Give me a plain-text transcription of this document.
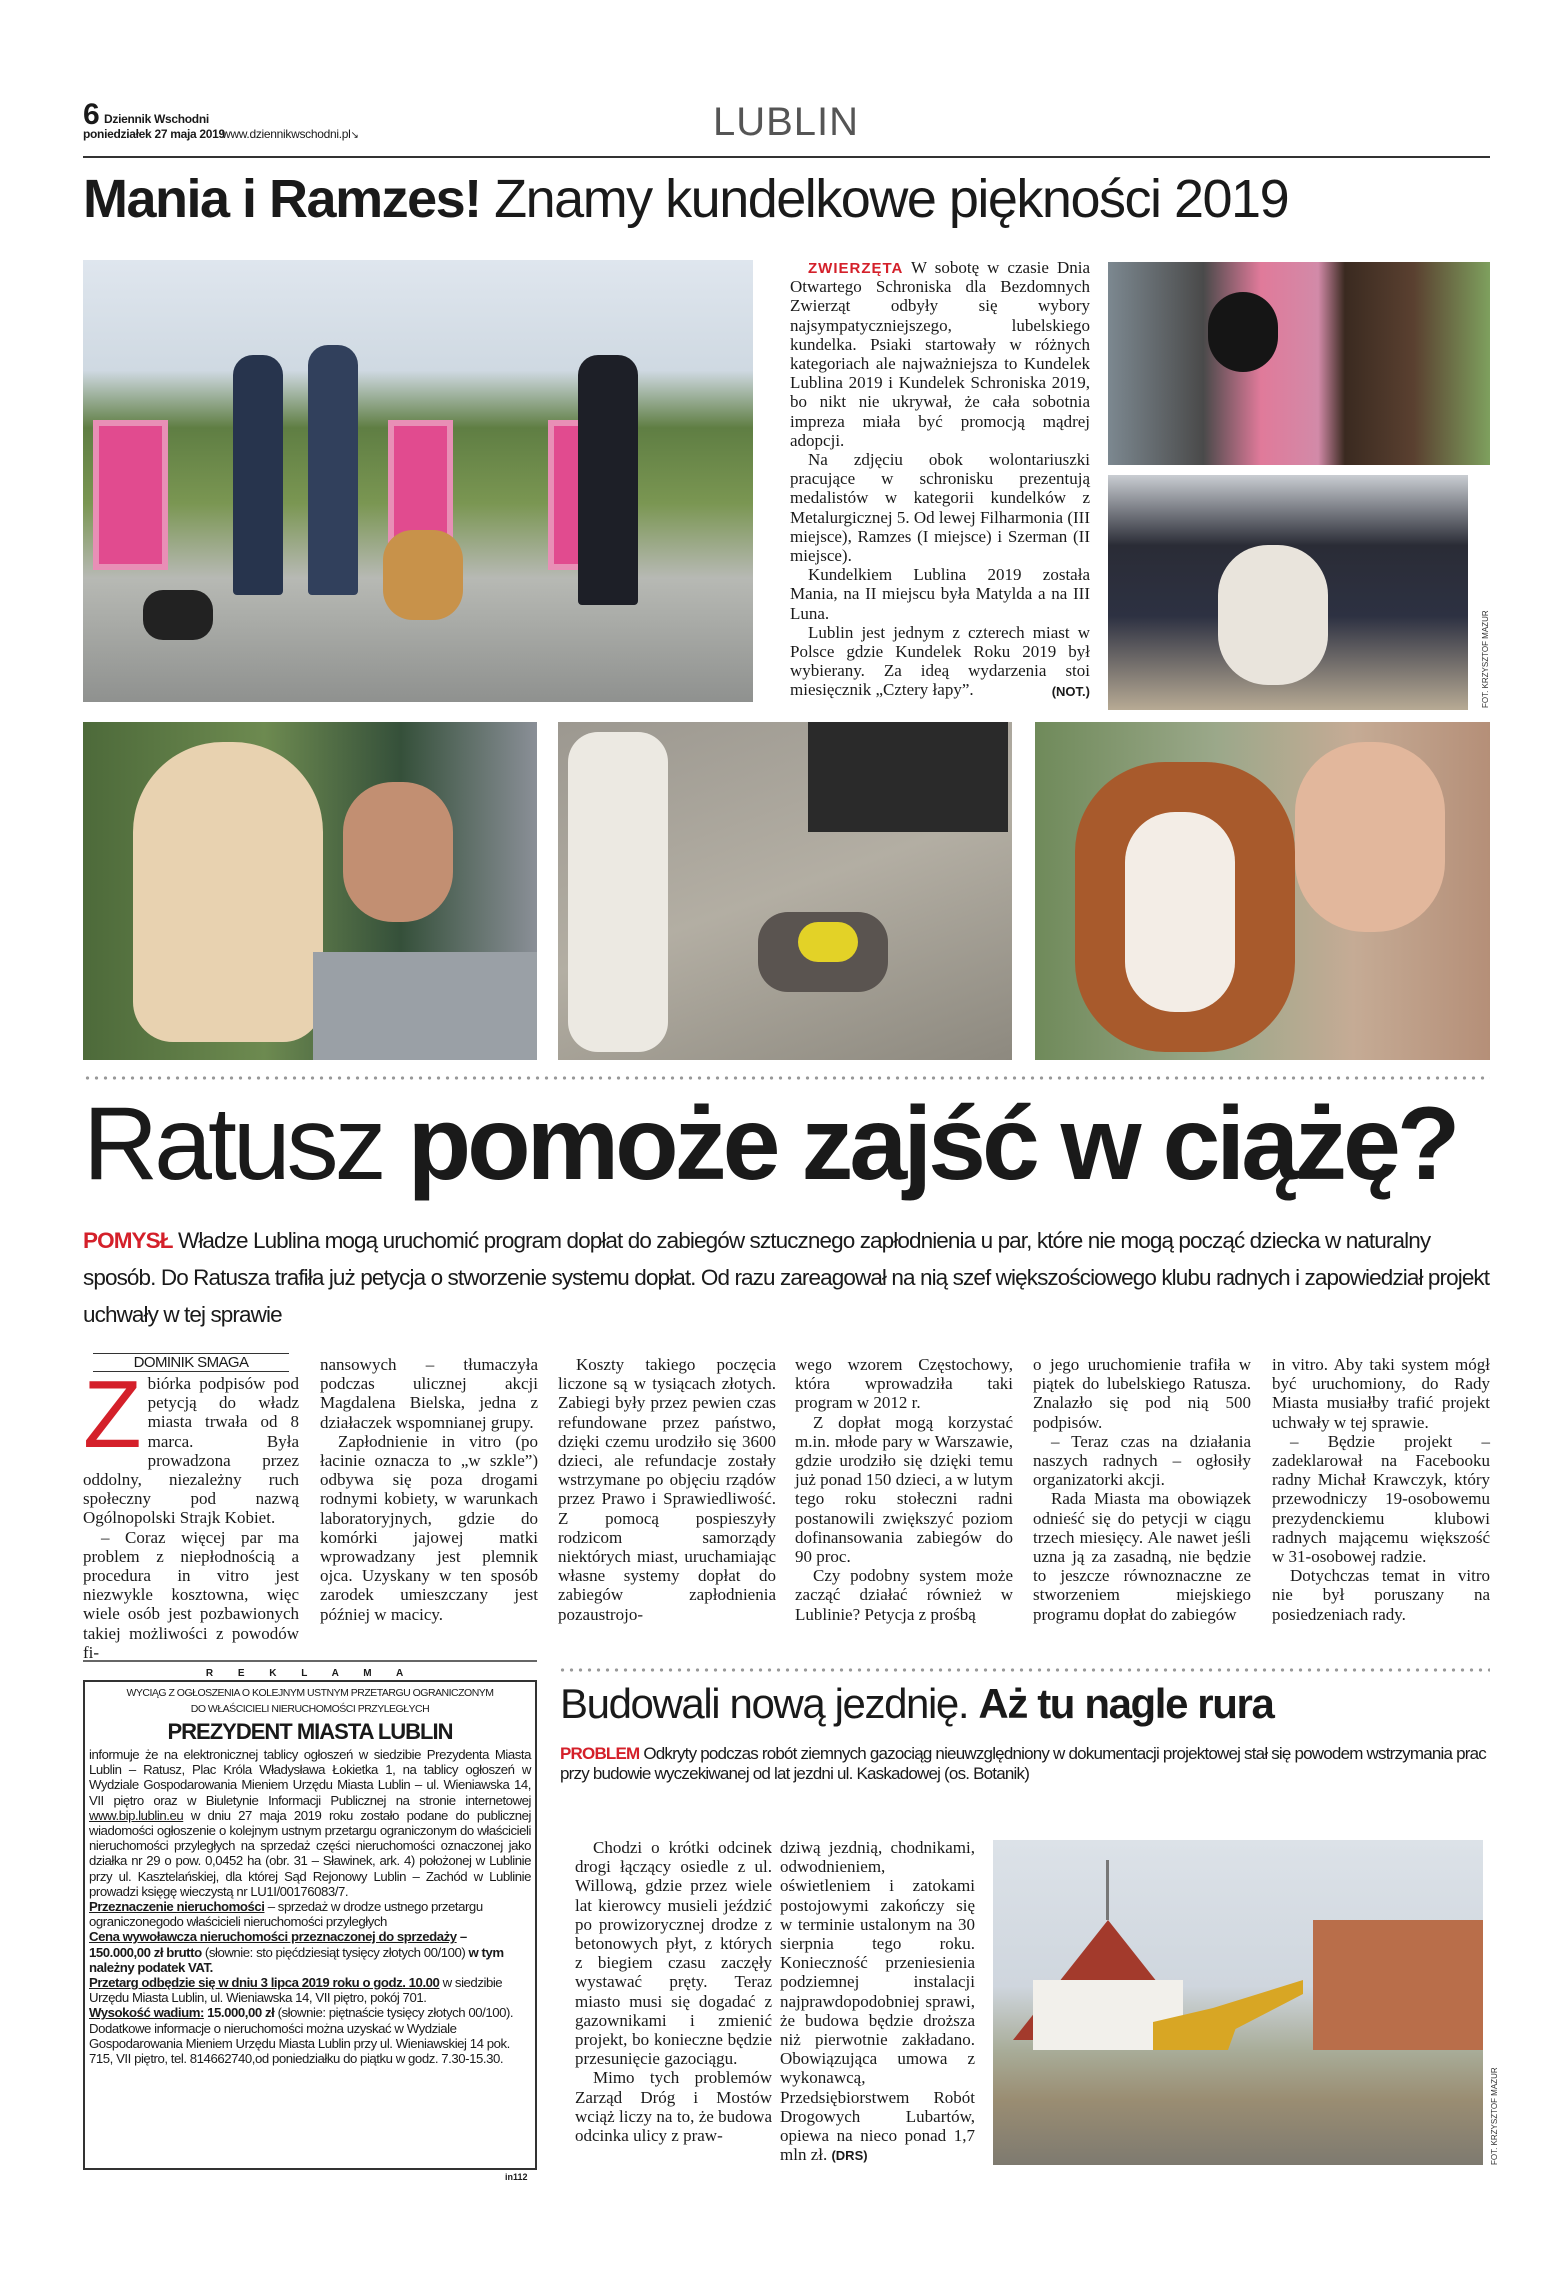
6 Dziennik Wschodni
poniedziałek 27 maja 2019
www.dziennikwschodni.pl↘	LUBLIN
Mania i Ramzes! Znamy kundelkowe piękności 2019

ZWIERZĘTA W sobotę w czasie Dnia Otwartego Schroniska dla Bezdomnych Zwierząt odbyły się wybory najsympatyczniejszego, lubelskiego kundelka. Psiaki startowały w różnych kategoriach ale najważniejsza to Kundelek Lublina 2019 i Kundelek Schroniska 2019, bo nikt nie ukrywał, że cała sobotnia impreza miała być promocją mądrej adopcji.

Na zdjęciu obok wolontariuszki pracujące w schronisku prezentują medalistów w kategorii kundelków z Metalurgicznej 5. Od lewej Filharmonia (III miejsce), Ramzes (I miejsce) i Szerman (II miejsce).

Kundelkiem Lublina 2019 została Mania, na II miejscu była Matylda a na III Luna.

Lublin jest jednym z czterech miast w Polsce gdzie Kundelek Roku 2019 był wybierany. Za ideą wydarzenia stoi miesięcznik „Cztery łapy”.	(NOT.)	FOT. KRZYSZTOF MAZUR
Ratusz pomoże zajść w ciążę?
POMYSŁ Władze Lublina mogą uruchomić program dopłat do zabiegów sztucznego zapłodnienia u par, które nie mogą począć dziecka w naturalny sposób. Do Ratusza trafiła już petycja o stworzenie systemu dopłat. Od razu zareagował na nią szef większościowego klubu radnych i zapowiedział projekt uchwały w tej sprawie
DOMINIK SMAGA

Zbiórka podpisów pod petycją do władz miasta trwała od 8 marca. Była prowadzona przez oddolny, niezależny ruch społeczny pod nazwą Ogólnopolski Strajk Kobiet.

– Coraz więcej par ma problem z niepłodnością a procedura in vitro jest niezwykle kosztowna, więc wiele osób jest pozbawionych takiej możliwości z powodów fi-

nansowych – tłumaczyła podczas ulicznej akcji Magdalena Bielska, jedna z działaczek wspomnianej grupy.

Zapłodnienie in vitro (po łacinie oznacza to „w szkle”) odbywa się poza drogami rodnymi kobiety, w warunkach laboratoryjnych, gdzie do komórki jajowej matki wprowadzany jest plemnik ojca. Uzyskany w ten sposób zarodek umieszczany jest później w macicy.

Koszty takiego poczęcia liczone są w tysiącach złotych. Zabiegi były przez pewien czas refundowane przez państwo, dzięki czemu urodziło się 3600 dzieci, ale refundacje zostały wstrzymane po objęciu rządów przez Prawo i Sprawiedliwość. Z pomocą pospieszyły rodzicom samorządy niektórych miast, uruchamiając własne systemy dopłat do zabiegów zapłodnienia pozaustrojo-

wego wzorem Częstochowy, która wprowadziła taki program w 2012 r.

Z dopłat mogą korzystać m.in. młode pary w Warszawie, gdzie urodziło się dzięki temu już ponad 150 dzieci, a w lutym tego roku stołeczni radni postanowili zwiększyć poziom dofinansowania zabiegów do 90 proc.

Czy podobny system może zacząć działać również w Lublinie? Petycja z prośbą

o jego uruchomienie trafiła w piątek do lubelskiego Ratusza. Znalazło się pod nią 500 podpisów.

– Teraz czas na działania naszych radnych – ogłosiły organizatorki akcji.

Rada Miasta ma obowiązek odnieść się do petycji w ciągu trzech miesięcy. Ale nawet jeśli uzna ją za zasadną, nie będzie to jeszcze równoznaczne ze stworzeniem miejskiego programu dopłat do zabiegów

in vitro. Aby taki system mógł być uruchomiony, do Rady Miasta musiałby trafić projekt uchwały w tej sprawie.

– Będzie projekt – zadeklarował na Facebooku radny Michał Krawczyk, który przewodniczy 19-osobowemu prezydenckiemu klubowi radnych mającemu większość w 31-osobowej radzie.

Dotychczas temat in vitro nie był poruszany na posiedzeniach rady.

R E K L A M A
WYCIĄG Z OGŁOSZENIA O KOLEJNYM USTNYM PRZETARGU OGRANICZONYM
DO WŁAŚCICIELI NIERUCHOMOŚCI PRZYLEGŁYCH
PREZYDENT MIASTA LUBLIN
informuje że na elektronicznej tablicy ogłoszeń w siedzibie Prezydenta Miasta Lublin – Ratusz, Plac Króla Władysława Łokietka 1, na tablicy ogłoszeń w Wydziale Gospodarowania Mieniem Urzędu Miasta Lublin – ul. Wieniawska 14, VII piętro oraz w Biuletynie Informacji Publicznej na stronie internetowej www.bip.lublin.eu w dniu 27 maja 2019 roku zostało podane do publicznej wiadomości ogłoszenie o kolejnym ustnym przetargu ograniczonym do właścicieli nieruchomości przyległych na sprzedaż części nieruchomości oznaczonej jako działka nr 29 o pow. 0,0452 ha (obr. 31 – Sławinek, ark. 4) położonej w Lublinie przy ul. Kasztelańskiej, dla której Sąd Rejonowy Lublin – Zachód w Lublinie prowadzi księgę wieczystą nr LU1I/00176083/7.
Przeznaczenie nieruchomości – sprzedaż w drodze ustnego przetargu ograniczonegodo właścicieli nieruchomości przyległych
Cena wywoławcza nieruchomości przeznaczonej do sprzedaży – 150.000,00 zł brutto (słownie: sto pięćdziesiąt tysięcy złotych 00/100) w tym należny podatek VAT.
Przetarg odbędzie się w dniu 3 lipca 2019 roku o godz. 10.00 w siedzibie Urzędu Miasta Lublin, ul. Wieniawska 14, VII piętro, pokój 701.
Wysokość wadium: 15.000,00 zł (słownie: piętnaście tysięcy złotych 00/100).
Dodatkowe informacje o nieruchomości można uzyskać w Wydziale Gospodarowania Mieniem Urzędu Miasta Lublin przy ul. Wieniawskiej 14 pok. 715, VII piętro, tel. 814662740,od poniedziałku do piątku w godz. 7.30-15.30.
in112
Budowali nową jezdnię. Aż tu nagle rura
PROBLEM Odkryty podczas robót ziemnych gazociąg nieuwzględniony w dokumentacji projektowej stał się powodem wstrzymania prac przy budowie wyczekiwanej od lat jezdni ul. Kaskadowej (os. Botanik)

Chodzi o krótki odcinek drogi łączący osiedle z ul. Willową, gdzie przez wiele lat kierowcy musieli jeździć po prowizorycznej drodze z betonowych płyt, z których z biegiem czasu zaczęły wystawać pręty. Teraz miasto musi się dogadać z gazownikami i zmienić projekt, bo konieczne będzie przesunięcie gazociągu.

Mimo tych problemów Zarząd Dróg i Mostów wciąż liczy na to, że budowa odcinka ulicy z praw-

dziwą jezdnią, chodnikami, odwodnieniem, oświetleniem i zatokami postojowymi zakończy się w terminie ustalonym na 30 sierpnia tego roku. Konieczność przeniesienia podziemnej instalacji najprawdopodobniej sprawi, że budowa będzie droższa niż pierwotnie zakładano. Obowiązująca umowa z wykonawcą, Przedsiębiorstwem Robót Drogowych Lubartów, opiewa na nieco ponad 1,7 mln zł. (DRS)	FOT. KRZYSZTOF MAZUR
